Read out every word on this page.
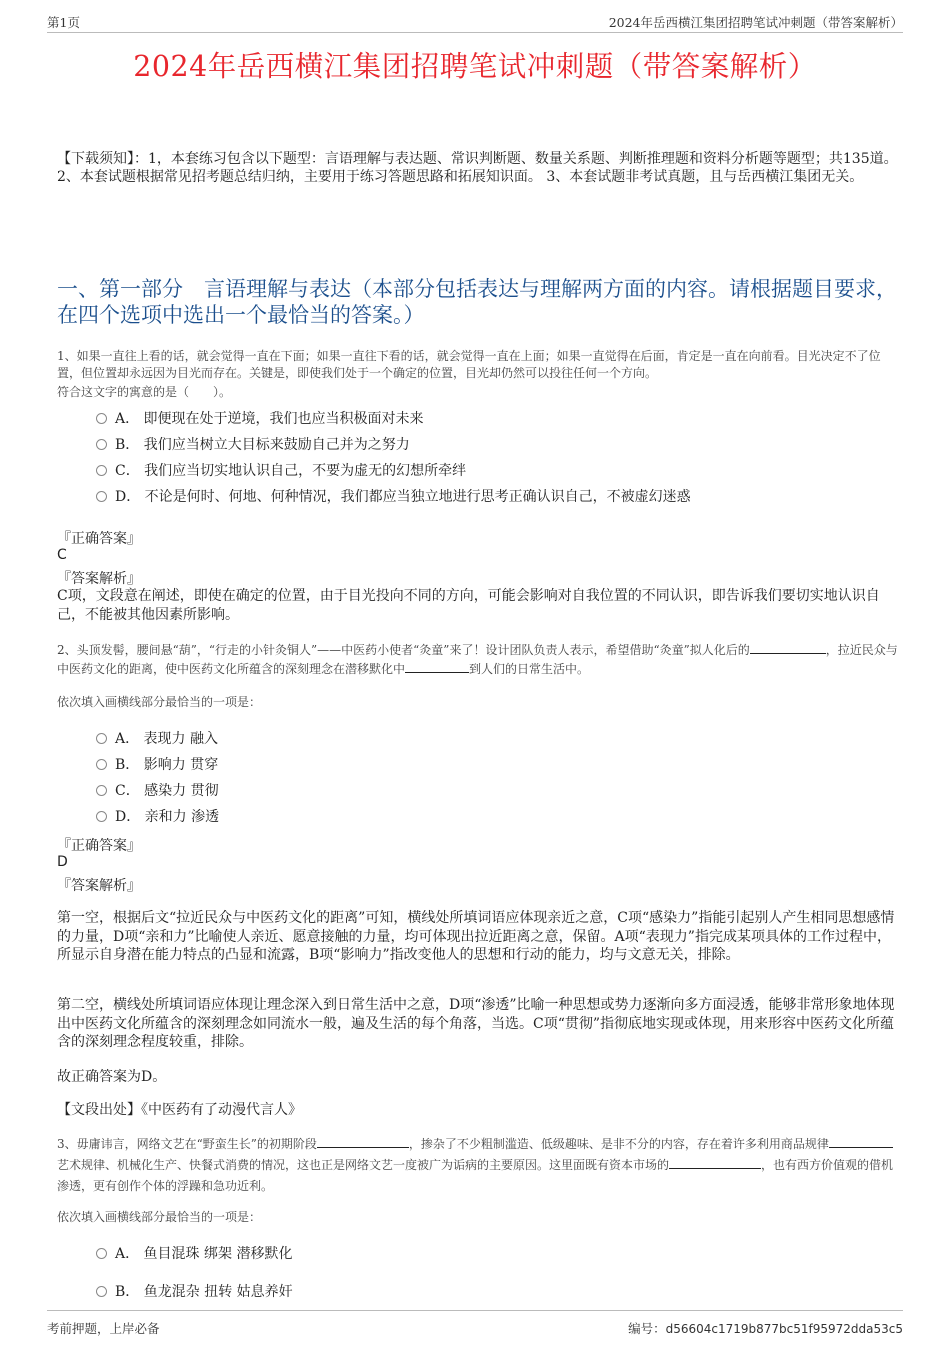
第1页	2024年岳西横江集团招聘笔试冲刺题（带答案解析）
2024年岳西横江集团招聘笔试冲刺题（带答案解析）
【下载须知】：1，本套练习包含以下题型：言语理解与表达题、常识判断题、数量关系题、判断推理题和资料分析题等题型；共135道。 2、本套试题根据常见招考题总结归纳，主要用于练习答题思路和拓展知识面。 3、本套试题非考试真题，且与岳西横江集团无关。
一、第一部分　言语理解与表达（本部分包括表达与理解两方面的内容。请根据题目要求，在四个选项中选出一个最恰当的答案。）
1、如果一直往上看的话，就会觉得一直在下面；如果一直往下看的话，就会觉得一直在上面；如果一直觉得在后面，肯定是一直在向前看。目光决定不了位置，但位置却永远因为目光而存在。关键是，即使我们处于一个确定的位置，目光却仍然可以投往任何一个方向。
符合这文字的寓意的是（　　）。
A． 即便现在处于逆境，我们也应当积极面对未来
B． 我们应当树立大目标来鼓励自己并为之努力
C． 我们应当切实地认识自己，不要为虚无的幻想所牵绊
D． 不论是何时、何地、何种情况，我们都应当独立地进行思考正确认识自己，不被虚幻迷惑
『正确答案』
C
『答案解析』
C项，文段意在阐述，即使在确定的位置，由于目光投向不同的方向，可能会影响对自我位置的不同认识，即告诉我们要切实地认识自己，不能被其他因素所影响。
2、头顶发髻，腰间悬“葫”，“行走的小针灸铜人”——中医药小使者“灸童”来了！设计团队负责人表示，希望借助“灸童”拟人化后的	，拉近民众与中医药文化的距离，使中医药文化所蕴含的深刻理念在潜移默化中	到人们的日常生活中。
依次填入画横线部分最恰当的一项是：
A． 表现力 融入
B． 影响力 贯穿
C． 感染力 贯彻
D． 亲和力 渗透
『正确答案』
D
『答案解析』
第一空，根据后文“拉近民众与中医药文化的距离”可知，横线处所填词语应体现亲近之意，C项“感染力”指能引起别人产生相同思想感情的力量，D项“亲和力”比喻使人亲近、愿意接触的力量，均可体现出拉近距离之意，保留。A项“表现力”指完成某项具体的工作过程中，所显示自身潜在能力特点的凸显和流露，B项“影响力”指改变他人的思想和行动的能力，均与文意无关，排除。
第二空，横线处所填词语应体现让理念深入到日常生活中之意，D项“渗透”比喻一种思想或势力逐渐向多方面浸透，能够非常形象地体现出中医药文化所蕴含的深刻理念如同流水一般，遍及生活的每个角落，当选。C项“贯彻”指彻底地实现或体现，用来形容中医药文化所蕴含的深刻理念程度较重，排除。
故正确答案为D。
【文段出处】《中医药有了动漫代言人》
3、毋庸讳言，网络文艺在“野蛮生长”的初期阶段	，掺杂了不少粗制滥造、低级趣味、是非不分的内容，存在着许多利用商品规律艺术规律、机械化生产、快餐式消费的情况，这也正是网络文艺一度被广为诟病的主要原因。这里面既有资本市场的	，也有西方价值观的借机渗透，更有创作个体的浮躁和急功近利。
依次填入画横线部分最恰当的一项是：
A． 鱼目混珠 绑架 潜移默化
B． 鱼龙混杂 扭转 姑息养奸
考前押题，上岸必备	编号：d56604c1719b877bc51f95972dda53c5
